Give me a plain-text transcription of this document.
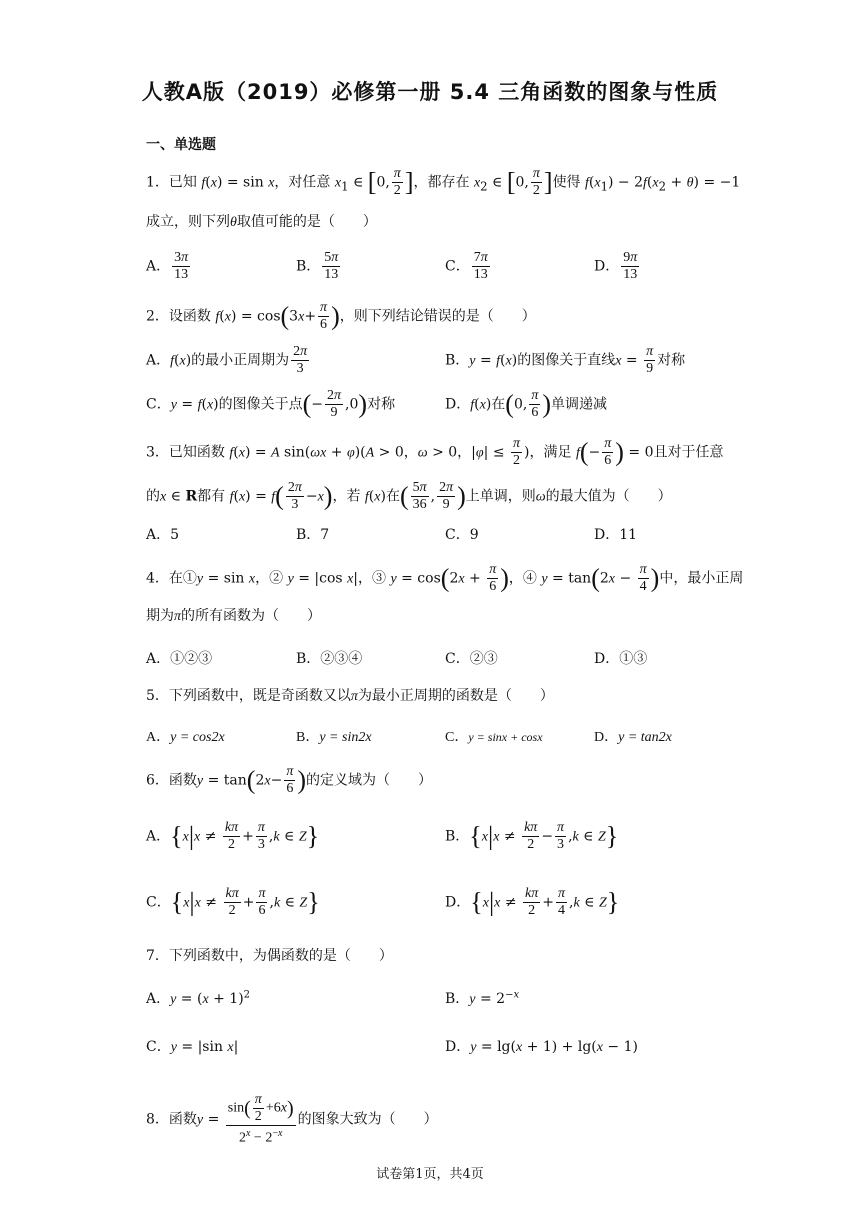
人教A版（2019）必修第一册 5.4 三角函数的图象与性质
一、单选题
1．已知 f(x) = sin x，对任意 $x_1$ ∈ [0, $\frac{\pi}{2}$ ]，都存在 $x_2$ ∈ [0, $\frac{\pi}{2}$ ]使得 $f(x_1) - 2f(x_2 + \theta) = -1$
成立，则下列θ取值可能的是（　　）
A． $\frac{3\pi}{13}$	B． $\frac{5\pi}{13}$	C． $\frac{7\pi}{13}$	D． $\frac{9\pi}{13}$
2．设函数 $f(x) = \cos(3x+ \frac{\pi}{6}$ )，则下列结论错误的是（　　）
A．f(x)的最小正周期为 $\frac{2\pi}{3}$	B．y = f(x)的图像关于直线$x = \frac{\pi}{9}$ 对称
C．y = f(x)的图像关于点(− $\frac{2\pi}{9} ,0$)对称	D．f(x)在(0, $\frac{\pi}{6}$ )单调递减
3．已知函数 f(x) = A sin(ωx + φ)(A > 0，ω > 0，$|\varphi| \le \frac{\pi}{2}$ )，满足 $f(- \frac{\pi}{6}$ ) = 0且对于任意
的x ∈ R都有 $f(x) = f( \frac{2\pi}{3} -x)$，若 f(x)在( $\frac{5\pi}{36}$ , $\frac{2\pi}{9}$ )上单调，则ω的最大值为（　　）
A．5	B．7	C．9	D．11
4．在①y = sin x，② y = |cos x|，③ $y = \cos(2x + \frac{\pi}{6}$ )，④ $y = \tan(2x - \frac{\pi}{4}$ )中，最小正周
期为π的所有函数为（　　）
A．①②③	B．②③④	C．②③	D．①③
5．下列函数中，既是奇函数又以π为最小正周期的函数是（　　）
A．y = cos2x	B．y = sin2x	C．y = sinx + cosx	D．y = tan2x
6．函数$y = \tan(2x- \frac{\pi}{6}$ )的定义域为（　　）
A．{$x|x \ne \frac{k\pi}{2} + \frac{\pi}{3} ,k$ ∈ Z}	B．{$x|x \ne \frac{k\pi}{2} - \frac{\pi}{3} ,k$ ∈ Z}
C．{$x|x \ne \frac{k\pi}{2} + \frac{\pi}{6} ,k$ ∈ Z}	D．{$x|x \ne \frac{k\pi}{2} + \frac{\pi}{4} ,k$ ∈ Z}
7．下列函数中，为偶函数的是（　　）
A．$y = (x + 1)^2$	B．$y = 2^{-x}$
C．y = |sin x|	D．y = lg(x + 1) + lg(x − 1)
8．函数$y = \frac{\sin( \frac{\pi}{2} +6x)}{2^x - 2^{-x}}$ 的图象大致为（　　）
试卷第1页，共4页
